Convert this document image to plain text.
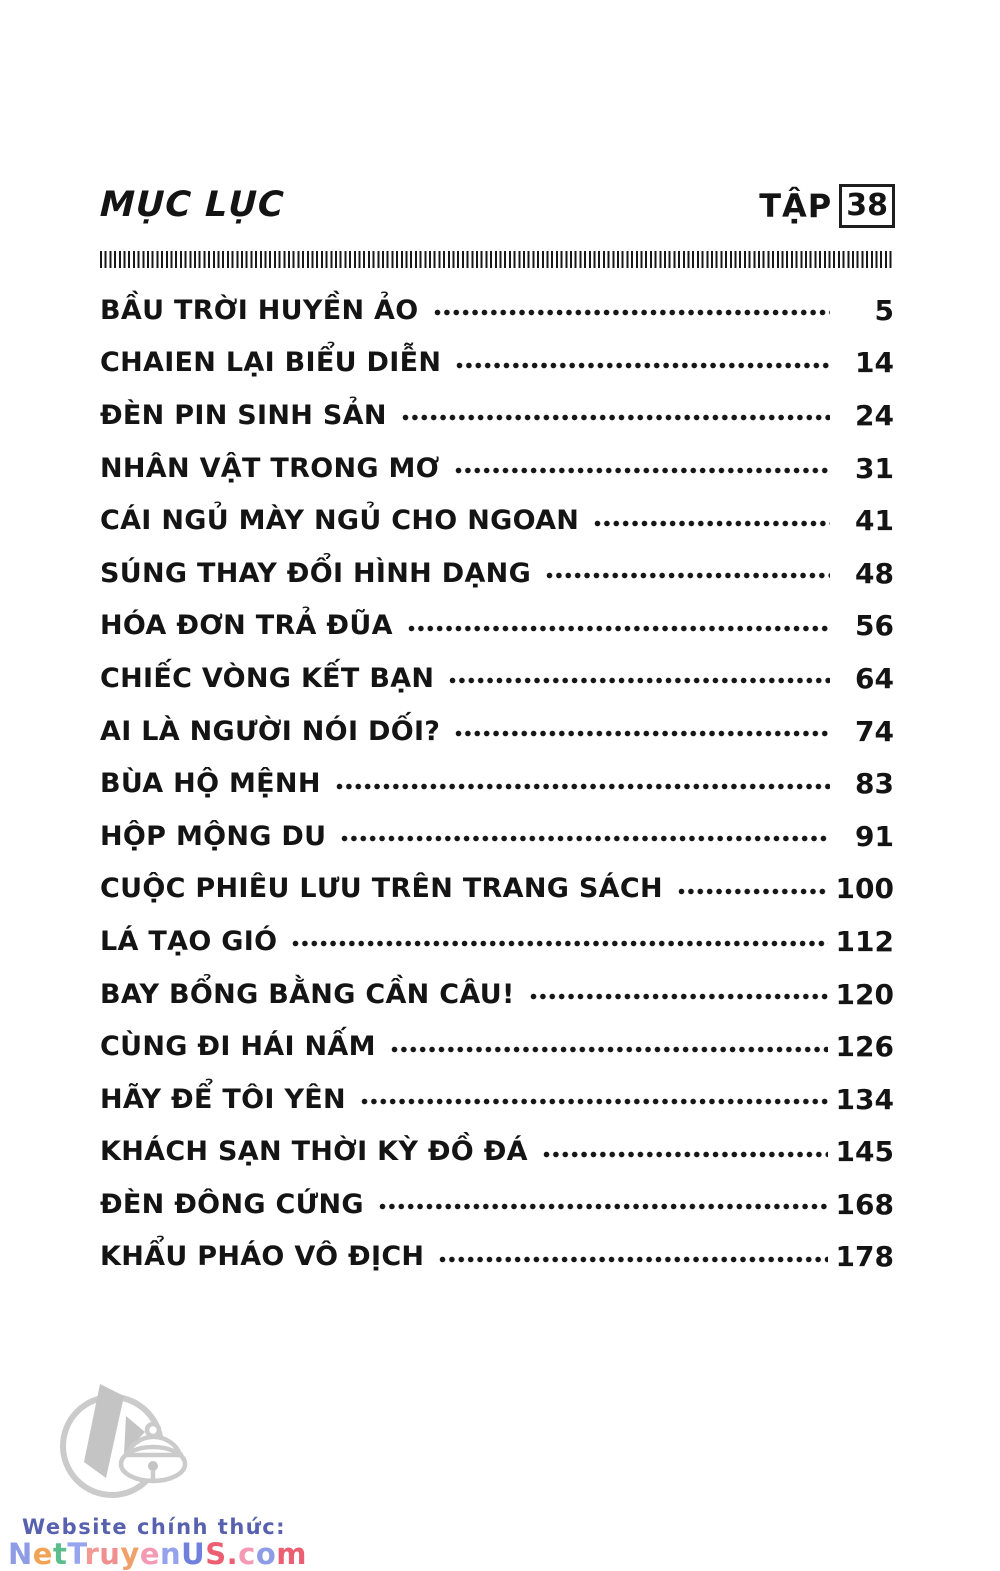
MỤC LỤC	TẬP 38
BẦU TRỜI HUYỀN ẢO	5
CHAIEN LẠI BIỂU DIỄN	14
ĐÈN PIN SINH SẢN	24
NHÂN VẬT TRONG MƠ	31
CÁI NGỦ MÀY NGỦ CHO NGOAN	41
SÚNG THAY ĐỔI HÌNH DẠNG	48
HÓA ĐƠN TRẢ ĐŨA	56
CHIẾC VÒNG KẾT BẠN	64
AI LÀ NGƯỜI NÓI DỐI?	74
BÙA HỘ MỆNH	83
HỘP MỘNG DU	91
CUỘC PHIÊU LƯU TRÊN TRANG SÁCH	100
LÁ TẠO GIÓ	112
BAY BỔNG BẰNG CẦN CÂU!	120
CÙNG ĐI HÁI NẤM	126
HÃY ĐỂ TÔI YÊN	134
KHÁCH SẠN THỜI KỲ ĐỒ ĐÁ	145
ĐÈN ĐÔNG CỨNG	168
KHẨU PHÁO VÔ ĐỊCH	178
Website chính thức:
NetTruyenUS.com
